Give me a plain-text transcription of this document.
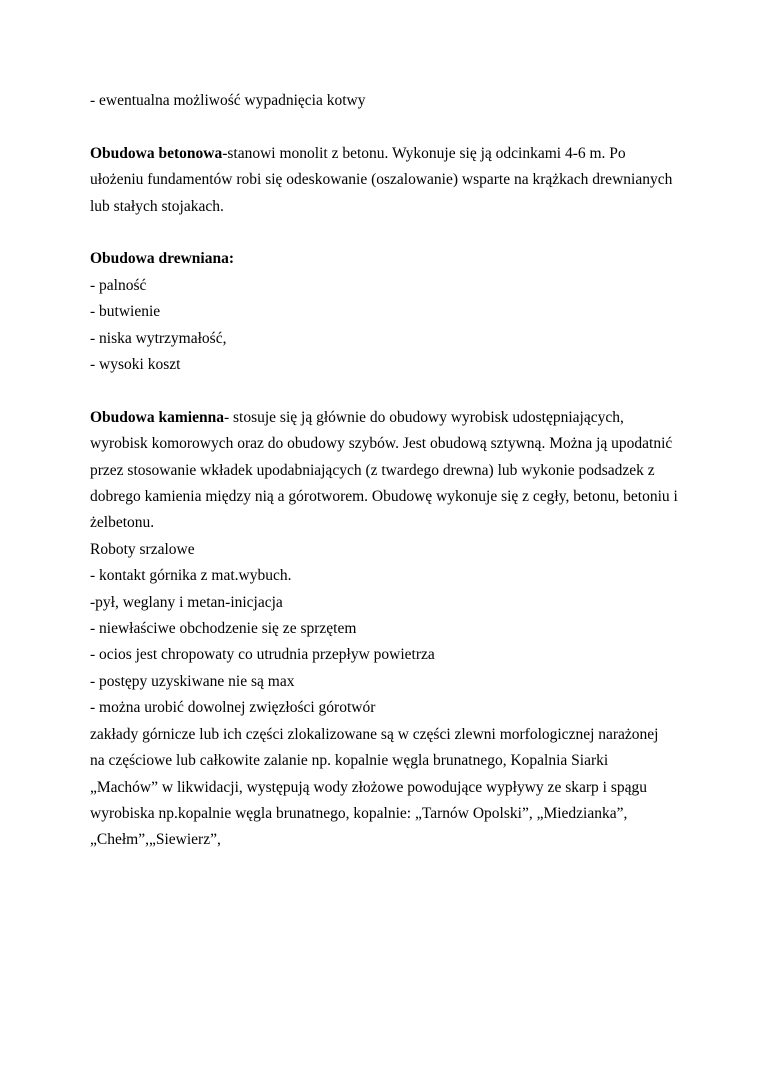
- ewentualna możliwość wypadnięcia kotwy
Obudowa betonowa-stanowi monolit z betonu. Wykonuje się ją odcinkami 4-6 m. Po
ułożeniu fundamentów robi się odeskowanie (oszalowanie) wsparte na krążkach drewnianych
lub stałych stojakach.
Obudowa drewniana:
- palność
- butwienie
- niska wytrzymałość,
- wysoki koszt
Obudowa kamienna- stosuje się ją głównie do obudowy wyrobisk udostępniających,
wyrobisk komorowych oraz do obudowy szybów. Jest obudową sztywną. Można ją upodatnić
przez stosowanie wkładek upodabniających (z twardego drewna) lub wykonie podsadzek z
dobrego kamienia między nią a górotworem. Obudowę wykonuje się z cegły, betonu, betoniu i
żelbetonu.
Roboty srzalowe
- kontakt górnika z mat.wybuch.
-pył, weglany i metan-inicjacja
- niewłaściwe obchodzenie się ze sprzętem
- ocios jest chropowaty co utrudnia przepływ powietrza
- postępy uzyskiwane nie są max
- można urobić dowolnej zwięzłości górotwór
zakłady górnicze lub ich części zlokalizowane są w części zlewni morfologicznej narażonej
na częściowe lub całkowite zalanie np. kopalnie węgla brunatnego, Kopalnia Siarki
„Machów” w likwidacji, występują wody złożowe powodujące wypływy ze skarp i spągu
wyrobiska np.kopalnie węgla brunatnego, kopalnie: „Tarnów Opolski”, „Miedzianka”,
„Chełm”,„Siewierz”,
